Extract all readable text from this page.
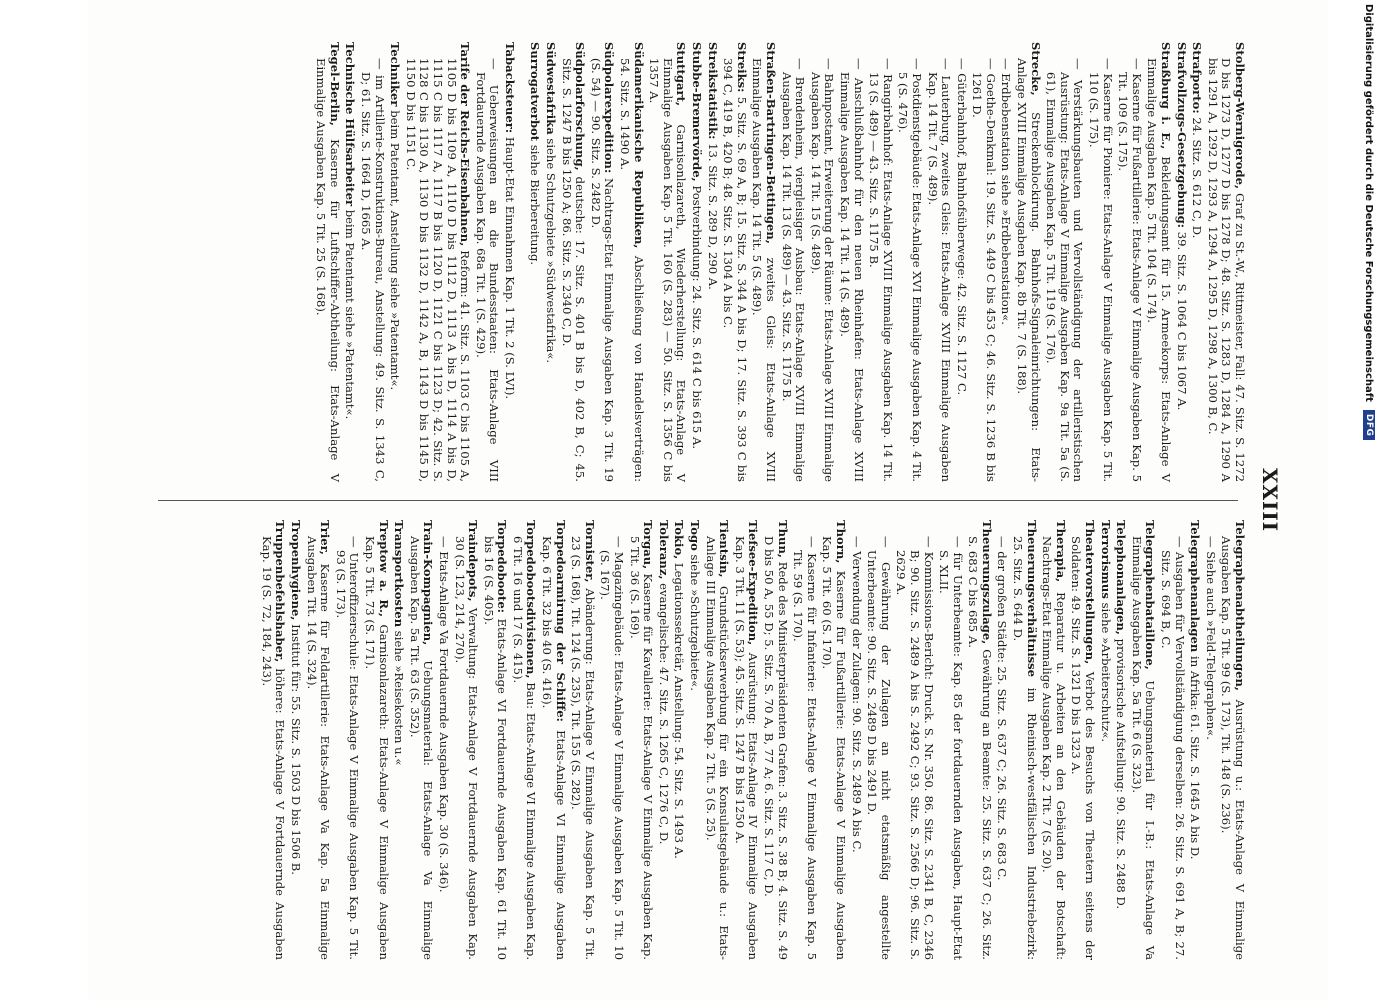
XXIII

Stolberg-Wernigerode, Graf zu St.-W., Rittmeister, Fall: 47. Sitz. S. 1272 D bis 1273 D, 1277 D bis 1278 D; 48. Sitz. S. 1283 D, 1284 A, 1290 A bis 1291 A, 1292 D, 1293 A, 1294 A, 1295 D, 1298 A, 1300 B, C.

Strafporto: 24. Sitz. S. 612 C, D.

Strafvollzugs-Gesetzgebung: 39. Sitz. S. 1064 C bis 1067 A.

Straßburg i. E., Bekleidungsamt für 15. Armeekorps: Etats-Anlage V Einmalige Ausgaben Kap. 5 Tit. 104 (S. 174).

— Kaserne für Fußartillerie: Etats-Anlage V Einmalige Ausgaben Kap. 5 Tit. 109 (S. 175).

— Kaserne für Pioniere: Etats-Anlage V Einmalige Ausgaben Kap. 5 Tit. 110 (S. 175).

— Verstärkungsbauten und Vervollständigung der artilleristischen Ausrüstung: Etats-Anlage V Einmalige Ausgaben Kap. 9a Tit. 5a (S. 61), Einmalige Ausgaben Kap. 5 Tit. 119 (S. 176).

Strecke, Streckenblockirung. Bahnhofs-Signaleinrichtungen: Etats-Anlage XVIII Einmalige Ausgaben Kap. 8b Tit. 7 (S. 188).

— Erdbebenstation siehe »Erdbebenstation«.

— Goethe-Denkmal: 19. Sitz. S. 449 C bis 453 C; 46. Sitz. S. 1236 B bis 1261 D.

— Güterbahnhof, Bahnhofsüberwege: 42. Sitz. S. 1127 C.

— Lauterburg, zweites Gleis: Etats-Anlage XVIII Einmalige Ausgaben Kap. 14 Tit. 7 (S. 489).

— Postdienstgebäude: Etats-Anlage XVI Einmalige Ausgaben Kap. 4 Tit. 5 (S. 476).

— Rangirbahnhof: Etats-Anlage XVIII Einmalige Ausgaben Kap. 14 Tit. 13 (S. 489) — 43. Sitz. S. 1175 B.

— Anschlußbahnhof für den neuen Rheinhafen: Etats-Anlage XVIII Einmalige Ausgaben Kap. 14 Tit. 14 (S. 489).

— Bahnpostamt, Erweiterung der Räume: Etats-Anlage XVIII Einmalige Ausgaben Kap. 14 Tit. 15 (S. 489).

— Brendenheim, viergleisiger Ausbau: Etats-Anlage XVIII Einmalige Ausgaben Kap. 14 Tit. 13 (S. 489) — 43. Sitz. S. 1175 B.

Straßen-Bartringen-Bettingen, zweites Gleis: Etats-Anlage XVIII Einmalige Ausgaben Kap. 14 Tit. 5 (S. 489).

Streiks: 5. Sitz. S. 69 A, B; 15. Sitz. S. 344 A bis D; 17. Sitz. S. 393 C bis 394 C, 419 B, 420 B; 48. Sitz. S. 1304 A bis C.

Streikstatistik: 13. Sitz. S. 289 D, 290 A.

Stubbe-Bremervörde, Postverbindung: 24. Sitz. S. 614 C bis 615 A.

Stuttgart, Garnisonlazareth, Wiederherstellung: Etats-Anlage V Einmalige Ausgaben Kap. 5 Tit. 160 (S. 283) — 50. Sitz. S. 1356 C bis 1357 A.

Südamerikanische Republiken, Abschließung von Handelsverträgen: 54. Sitz. S. 1490 A.

Südpolarexpedition: Nachtrags-Etat Einmalige Ausgaben Kap. 3 Tit. 19 (S. 54) — 90. Sitz. S. 2482 D.

Südpolarforschung, deutsche: 17. Sitz. S. 401 B bis D, 402 B, C; 45. Sitz. S. 1247 B bis 1250 A; 86. Sitz. S. 2340 C, D.

Südwestafrika siehe Schutzgebiete »Südwestafrika«.

Surrogatverbot siehe Bierbereitung.

Tabacksteuer: Haupt-Etat Einnahmen Kap. 1 Tit. 2 (S. LVI).

— Ueberweisungen an die Bundesstaaten: Etats-Anlage VIII Fortdauernde Ausgaben Kap. 68a Tit. 1 (S. 429).

Tarife der Reichs-Eisenbahnen, Reform: 41. Sitz. S. 1103 C bis 1105 A, 1105 D bis 1109 A, 1110 D bis 1112 D, 1113 A bis D, 1114 A bis D, 1115 C bis 1117 A, 1117 B bis 1120 D, 1121 C bis 1123 D; 42. Sitz. S. 1128 C bis 1130 A, 1130 D bis 1132 D, 1142 A, B, 1143 D bis 1145 D, 1150 D bis 1151 C.

Techniker beim Patentamt, Anstellung siehe »Patentamt«.

— im Artillerie-Konstruktions-Bureau, Anstellung: 49. Sitz. S. 1343 C, D; 61. Sitz. S. 1664 D, 1665 A.

Technische Hülfsarbeiter beim Patentamt siehe »Patentamt«.

Tegel-Berlin, Kaserne für Luftschiffer-Abtheilung: Etats-Anlage V Einmalige Ausgaben Kap. 5 Tit. 25 (S. 168).

Telegraphenabtheilungen, Ausrüstung u.: Etats-Anlage V Einmalige Ausgaben Kap. 5 Tit. 99 (S. 173), Tit. 148 (S. 236).

— Siehe auch »Feld-Telegraphen«.

Telegraphenanlagen in Afrika: 61. Sitz. S. 1645 A bis D.

— Ausgaben für Vervollständigung derselben: 26. Sitz. S. 691 A, B; 27. Sitz. S. 694 B, C.

Telegraphenbataillone, Uebungsmaterial für I.-B.: Etats-Anlage Va Einmalige Ausgaben Kap. 5a Tit. 6 (S. 323).

Telephonanlagen, provisorische Aufstellung: 90. Sitz. S. 2488 D.

Terrorismus siehe »Arbeiterschutz«.

Theatervorstellungen, Verbot des Besuchs von Theatern seitens der Soldaten: 49. Sitz. S. 1321 D bis 1323 A.

Therapia, Reparatur u. Arbeiten an den Gebäuden der Botschaft: Nachtrags-Etat Einmalige Ausgaben Kap. 2 Tit. 7 (S. 20).

Theuerungsverhältnisse im Rheinisch-westfälischen Industriebezirk: 25. Sitz. S. 644 D.

— der großen Städte: 25. Sitz. S. 637 C; 26. Sitz. S. 683 C.

Theuerungszulage, Gewährung an Beamte: 25. Sitz. S. 637 C; 26. Sitz. S. 683 C bis 685 A.

— für Unterbeamte: Kap. 85 der fortdauernden Ausgaben, Haupt-Etat S. XLII.

— Kommissions-Bericht: Druck. S. Nr. 350. 86. Sitz. S. 2341 B, C, 2346 B; 90. Sitz. S. 2489 A bis S. 2492 C; 93. Sitz. S. 2566 D; 96. Sitz. S. 2629 A.

— Gewährung der Zulagen an nicht etatsmäßig angestellte Unterbeamte: 90. Sitz. S. 2489 D bis 2491 D.

— Verwendung der Zulagen: 90. Sitz. S. 2489 A bis C.

Thorn, Kaserne für Fußartillerie: Etats-Anlage V Einmalige Ausgaben Kap. 5 Tit. 60 (S. 170).

— Kaserne für Infanterie: Etats-Anlage V Einmalige Ausgaben Kap. 5 Tit. 59 (S. 170).

Thun, Rede des Ministerpräsidenten Grafen: 3. Sitz. S. 38 B; 4. Sitz. S. 49 D bis 50 A, 55 D; 5. Sitz. S. 70 A, B, 77 A; 6. Sitz. S. 117 C, D.

Tiefsee-Expedition, Ausrüstung: Etats-Anlage IV Einmalige Ausgaben Kap. 3 Tit. 11 (S. 53); 45. Sitz. S. 1247 B bis 1250 A.

Tientsin, Grundstückserwerbung für ein Konsulatsgebäude u.: Etats-Anlage III Einmalige Ausgaben Kap. 2 Tit. 5 (S. 25).

Togo siehe »Schutzgebiete«.

Tokio, Legationssekretär, Anstellung: 54. Sitz. S. 1493 A.

Toleranz, evangelische: 47. Sitz. S. 1265 C, 1276 C, D.

Torgau, Kaserne für Kavallerie: Etats-Anlage V Einmalige Ausgaben Kap. 5 Tit. 36 (S. 169).

— Magazingebäude: Etats-Anlage V Einmalige Ausgaben Kap. 5 Tit. 10 (S. 167).

Tornister, Abänderung: Etats-Anlage V Einmalige Ausgaben Kap. 5 Tit. 23 (S. 168), Tit. 124 (S. 235), Tit. 155 (S. 282).

Torpedoarmirung der Schiffe: Etats-Anlage VI Einmalige Ausgaben Kap. 6 Tit. 32 bis 40 (S. 416).

Torpedobootsdivisionen, Bau: Etats-Anlage VI Einmalige Ausgaben Kap. 6 Tit. 16 und 17 (S. 415).

Torpedoboote: Etats-Anlage VI Fortdauernde Ausgaben Kap. 61 Tit. 10 bis 16 (S. 405).

Traindepots, Verwaltung: Etats-Anlage V Fortdauernde Ausgaben Kap. 30 (S. 123, 214, 270).

— Etats-Anlage Va Fortdauernde Ausgaben Kap. 30 (S. 346).

Train-Kompagnien, Uebungsmaterial: Etats-Anlage Va Einmalige Ausgaben Kap. 5a Tit. 63 (S. 352).

Transportkosten siehe »Reisekosten u.«

Treptow a. R., Garnisonlazareth: Etats-Anlage V Einmalige Ausgaben Kap. 5 Tit. 73 (S. 171).

— Unteroffizierschule: Etats-Anlage V Einmalige Ausgaben Kap. 5 Tit. 93 (S. 173).

Trier, Kaserne für Feldartillerie: Etats-Anlage Va Kap. 5a Einmalige Ausgaben Tit. 14 (S. 324).

Tropenhygiene, Institut für: 55. Sitz. S. 1503 D bis 1506 B.

Truppenbefehlshaber, höhere: Etats-Anlage V Fortdauernde Ausgaben Kap. 19 (S. 72, 184, 243).

Digitalisierung gefördert durch die Deutsche Forschungsgemeinschaft
DFG
